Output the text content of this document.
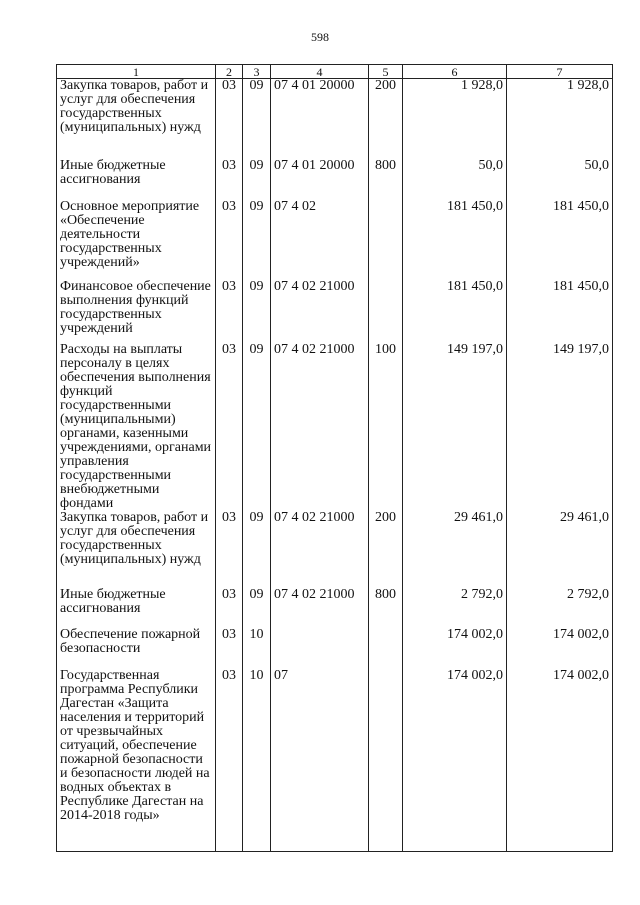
598
1	2	3	4	5	6	7
Закупка товаров, работ и услуг для обеспечения государственных (муниципальных) нужд	03	09	07 4 01 20000	200	1 928,0	1 928,0
Иные бюджетные ассигнования	03	09	07 4 01 20000	800	50,0	50,0
Основное мероприятие «Обеспечение деятельности государственных учреждений»	03	09	07 4 02		181 450,0	181 450,0
Финансовое обеспечение выполнения функций государственных учреждений	03	09	07 4 02 21000		181 450,0	181 450,0
Расходы на выплаты персоналу в целях обеспечения выполнения функций государственными (муниципальными) органами, казенными учреждениями, органами управления государственными внебюджетными фондами	03	09	07 4 02 21000	100	149 197,0	149 197,0
Закупка товаров, работ и услуг для обеспечения государственных (муниципальных) нужд	03	09	07 4 02 21000	200	29 461,0	29 461,0
Иные бюджетные ассигнования	03	09	07 4 02 21000	800	2 792,0	2 792,0
Обеспечение пожарной безопасности	03	10			174 002,0	174 002,0
Государственная программа Республики Дагестан «Защита населения и территорий от чрезвычайных ситуаций, обеспечение пожарной безопасности и безопасности людей на водных объектах в Республике Дагестан на 2014-2018 годы»	03	10	07		174 002,0	174 002,0
